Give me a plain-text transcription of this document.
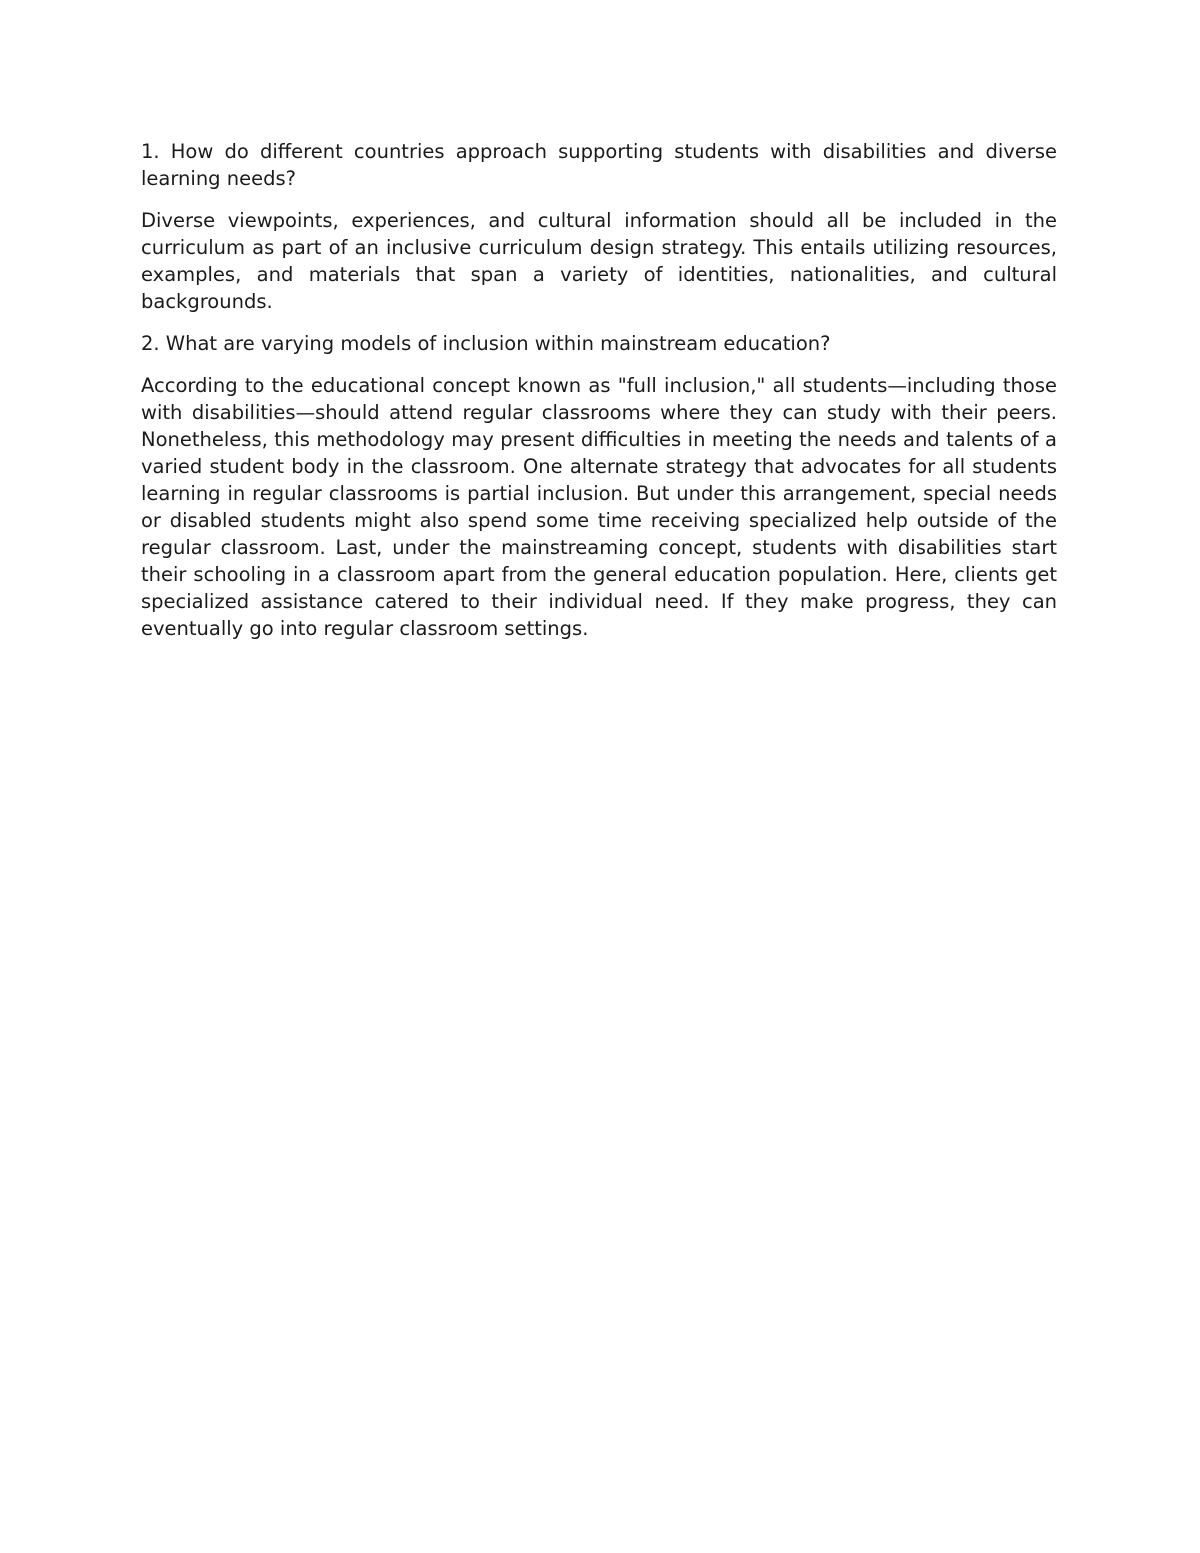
1. How do different countries approach supporting students with disabilities and diverse learning needs?

Diverse viewpoints, experiences, and cultural information should all be included in the curriculum as part of an inclusive curriculum design strategy. This entails utilizing resources, examples, and materials that span a variety of identities, nationalities, and cultural backgrounds.

2. What are varying models of inclusion within mainstream education?

According to the educational concept known as "full inclusion," all students—including those with disabilities—should attend regular classrooms where they can study with their peers. Nonetheless, this methodology may present difficulties in meeting the needs and talents of a varied student body in the classroom. One alternate strategy that advocates for all students learning in regular classrooms is partial inclusion. But under this arrangement, special needs or disabled students might also spend some time receiving specialized help outside of the regular classroom. Last, under the mainstreaming concept, students with disabilities start their schooling in a classroom apart from the general education population. Here, clients get specialized assistance catered to their individual need. If they make progress, they can eventually go into regular classroom settings.
